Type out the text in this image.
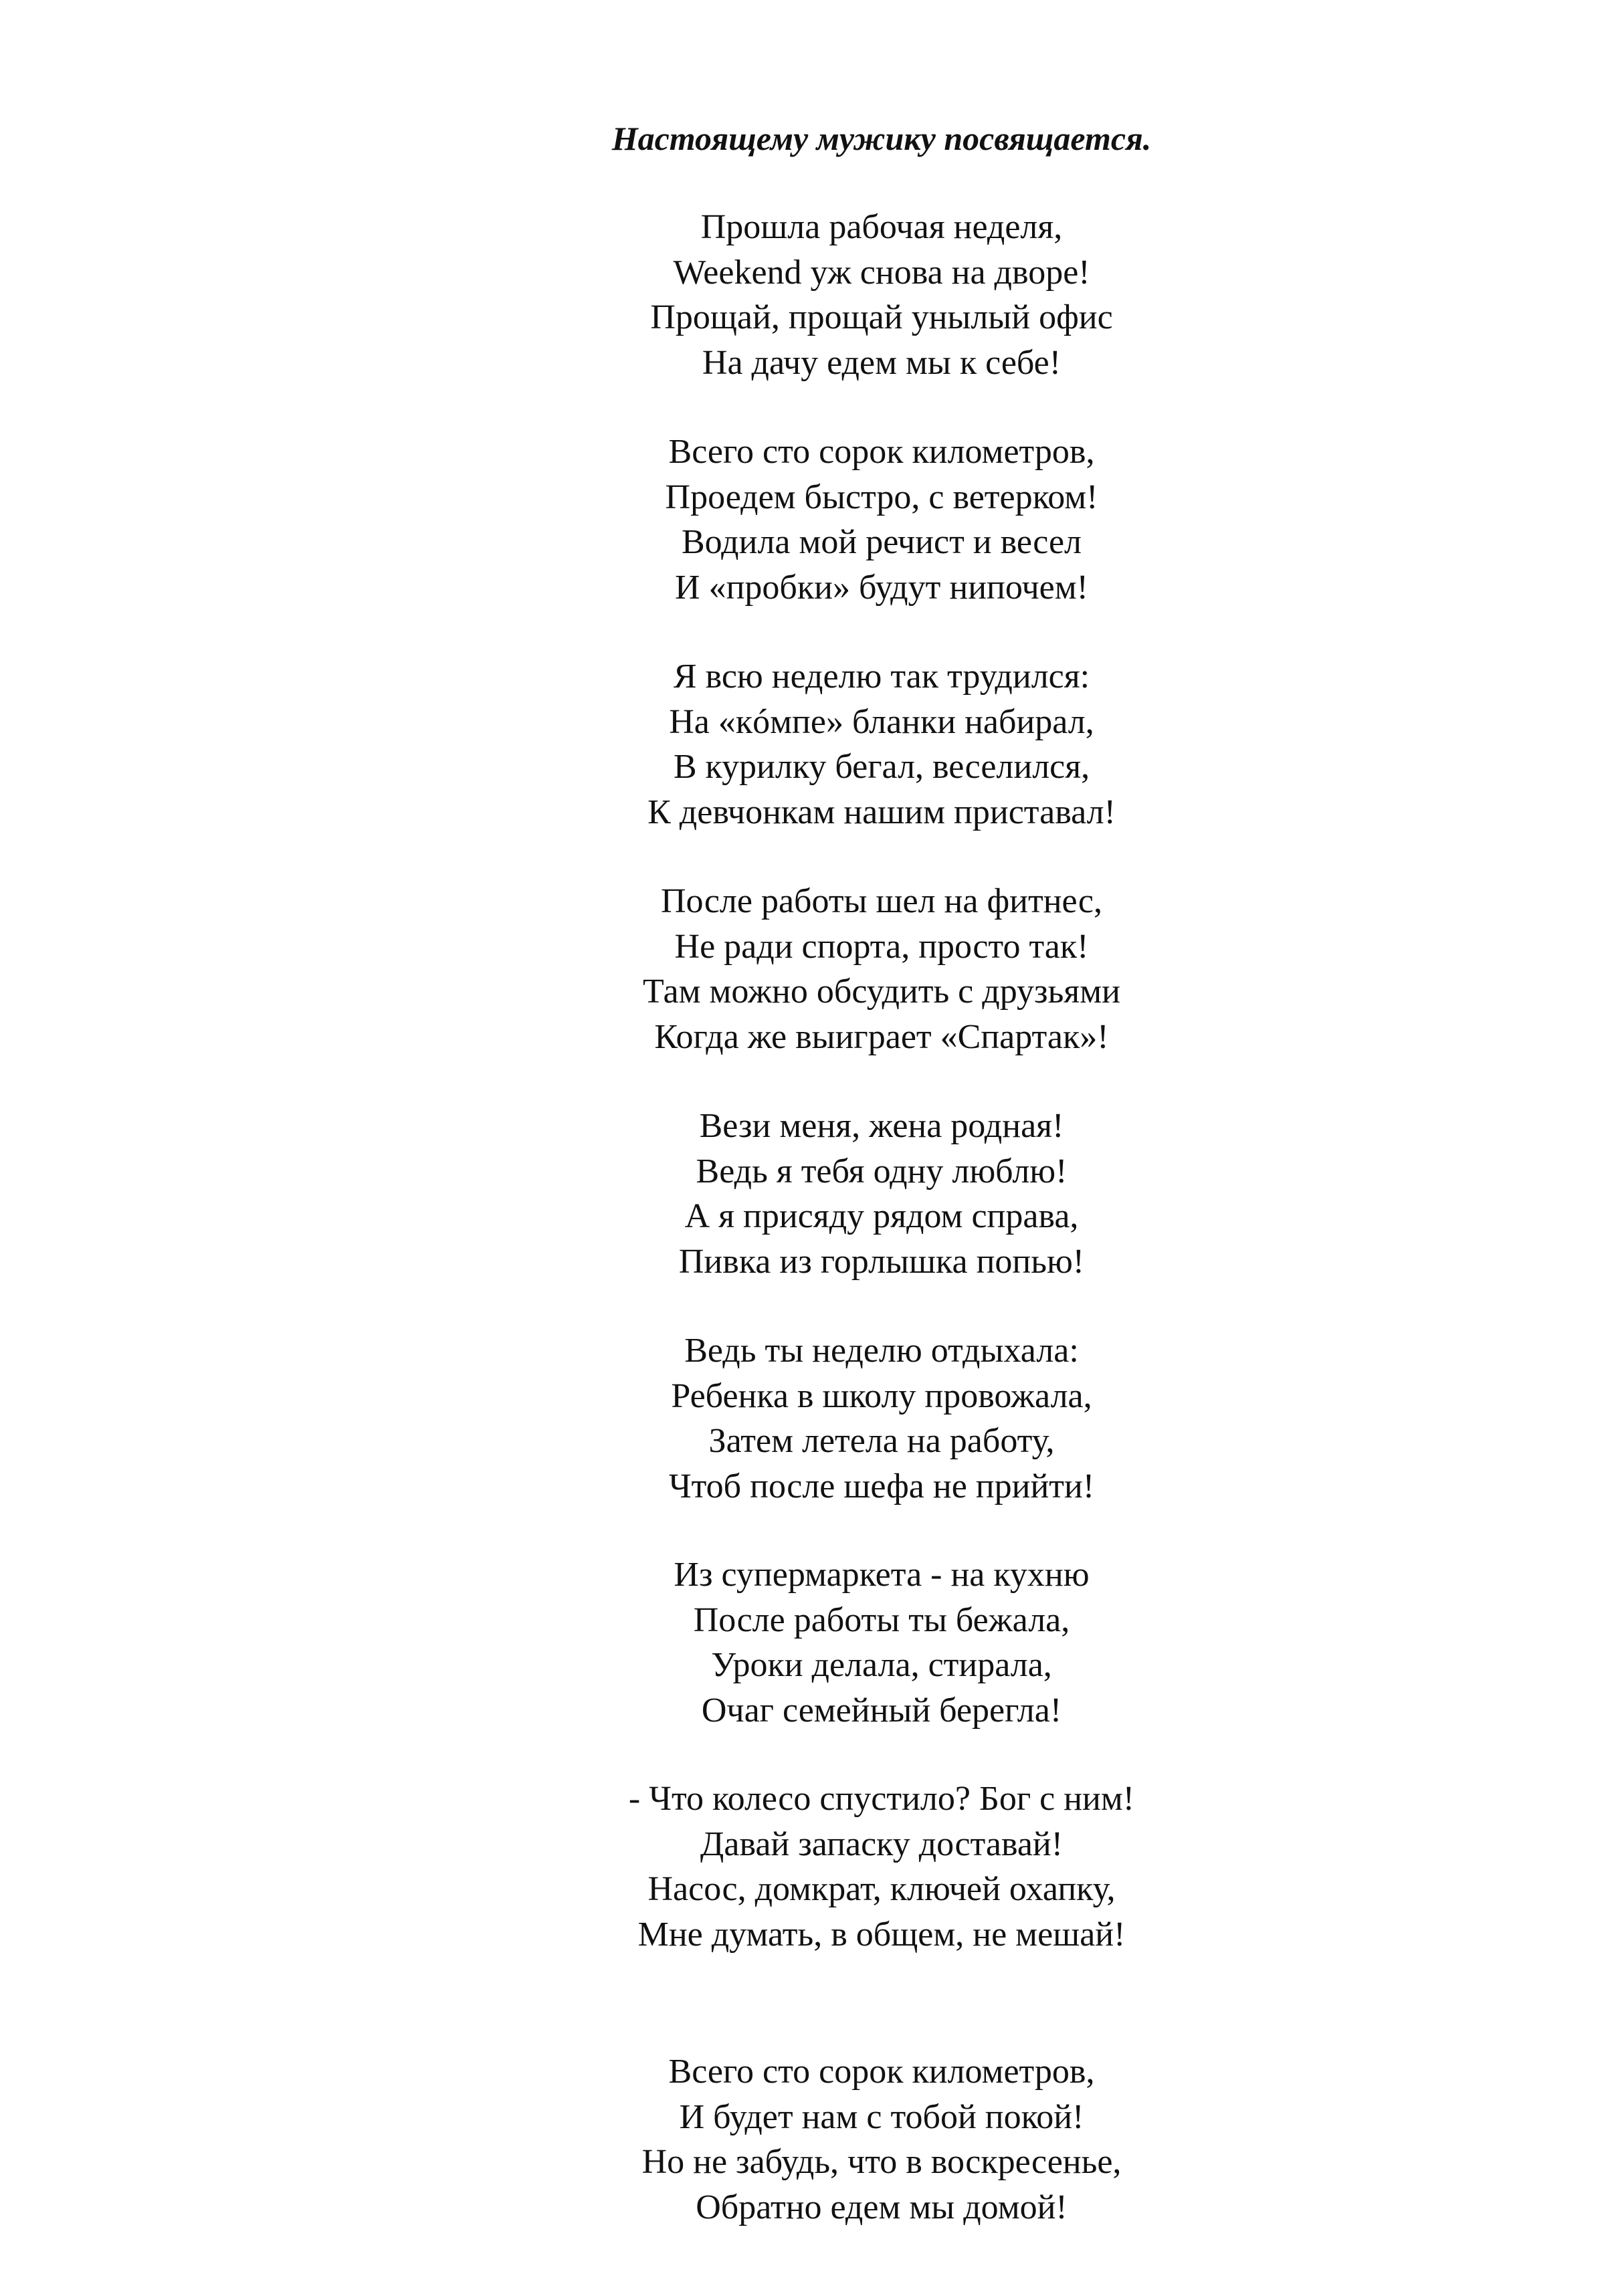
Настоящему мужику посвящается.
Прошла рабочая неделя,
Weekend уж снова на дворе!
Прощай, прощай унылый офис
На дачу едем мы к себе!
Всего сто сорок километров,
Проедем быстро, с ветерком!
Водила мой речист и весел
И «пробки» будут нипочем!
Я всю неделю так трудился:
На «кóмпе» бланки набирал,
В курилку бегал, веселился,
К девчонкам нашим приставал!
После работы шел на фитнес,
Не ради спорта, просто так!
Там можно обсудить с друзьями
Когда же выиграет «Спартак»!
Вези меня, жена родная!
Ведь я тебя одну люблю!
А я присяду рядом справа,
Пивка из горлышка попью!
Ведь ты неделю отдыхала:
Ребенка в школу провожала,
Затем летела на работу,
Чтоб после шефа не прийти!
Из супермаркета - на кухню
После работы ты бежала,
Уроки делала, стирала,
Очаг семейный берегла!
- Что колесо спустило? Бог с ним!
Давай запаску доставай!
Насос, домкрат, ключей охапку,
Мне думать, в общем, не мешай!
Всего сто сорок километров,
И будет нам с тобой покой!
Но не забудь, что в воскресенье,
Обратно едем мы домой!
